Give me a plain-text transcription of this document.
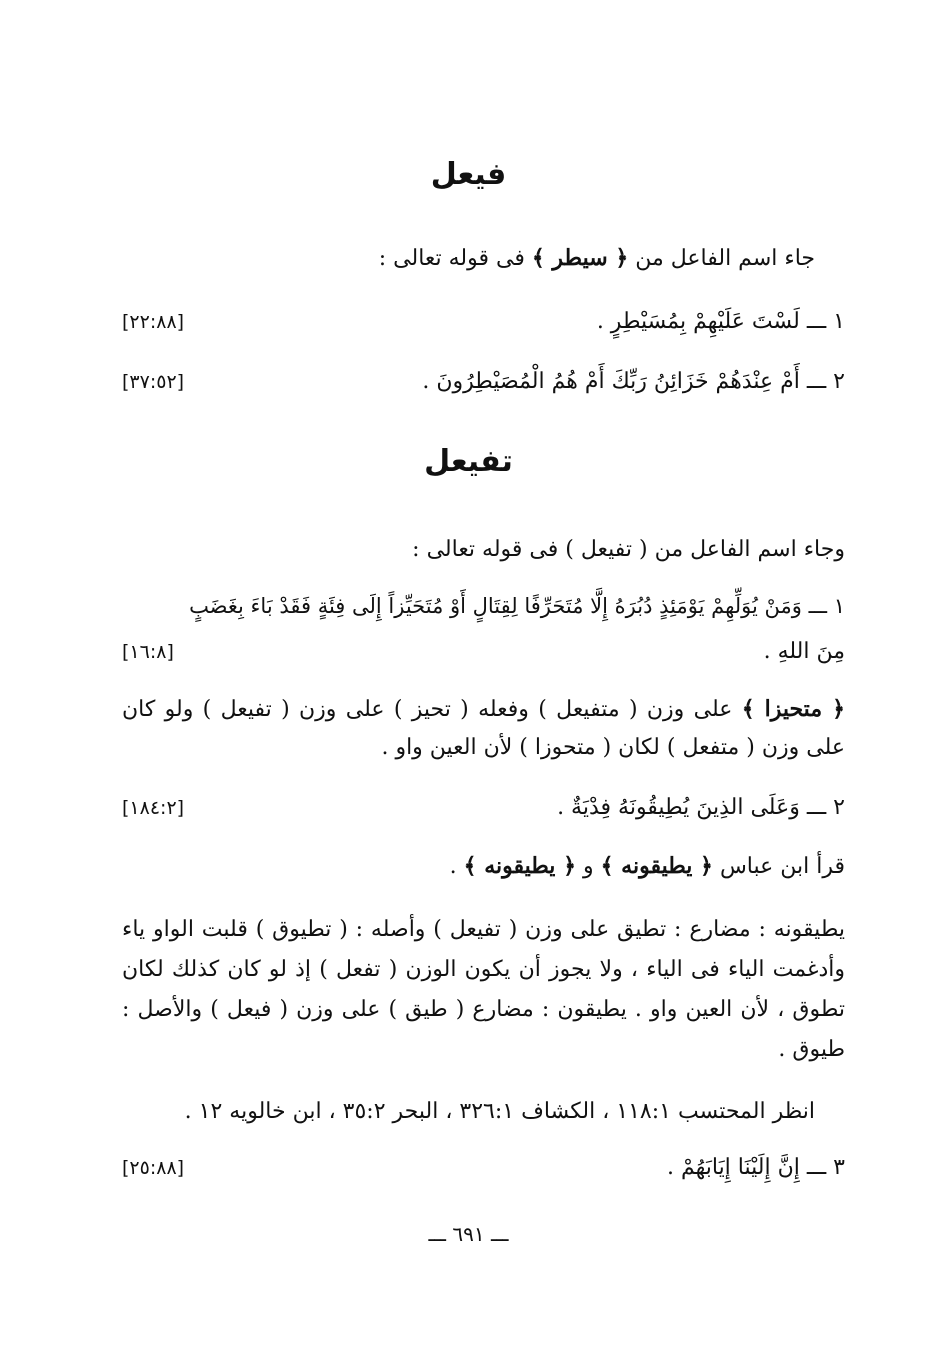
فيعل
جاء اسم الفاعل من ﴿ سيطر ﴾ فى قوله تعالى :
١ ـــ لَسْتَ عَلَيْهِمْ بِمُسَيْطِرٍ .
[٢٢:٨٨]
٢ ـــ أَمْ عِنْدَهُمْ خَزَائِنُ رَبِّكَ أَمْ هُمُ الْمُصَيْطِرُونَ .
[٣٧:٥٢]
تفيعل
وجاء اسم الفاعل من ( تفيعل ) فى قوله تعالى :
١ ـــ وَمَنْ يُوَلِّهِمْ يَوْمَئِذٍ دُبُرَهُ إِلَّا مُتَحَرِّفًا لِقِتَالٍ أَوْ مُتَحَيِّزاً إِلَى فِئَةٍ فَقَدْ بَاءَ بِغَضَبٍ
مِنَ اللهِ .
[١٦:٨]
﴿ متحيزا ﴾ على وزن ( متفيعل ) وفعله ( تحيز ) على وزن ( تفيعل ) ولو كان على وزن ( متفعل ) لكان ( متحوزا ) لأن العين واو .
٢ ـــ وَعَلَى الذِينَ يُطِيقُونَهُ فِدْيَةٌ .
[١٨٤:٢]
قرأ ابن عباس ﴿ يطيقونه ﴾ و ﴿ يطيقونه ﴾ .
يطيقونه : مضارع : تطيق على وزن ( تفيعل ) وأصله : ( تطيوق ) قلبت الواو ياء وأدغمت الياء فى الياء ، ولا يجوز أن يكون الوزن ( تفعل ) إذ لو كان كذلك لكان تطوق ، لأن العين واو . يطيقون : مضارع ( طيق ) على وزن ( فيعل ) والأصل : طيوق .
انظر المحتسب ١١٨:١ ، الكشاف ٣٢٦:١ ، البحر ٣٥:٢ ، ابن خالويه ١٢ .
٣ ـــ إِنَّ إِلَيْنَا إِيَابَهُمْ .
[٢٥:٨٨]
ـــ ٦٩١ ـــ
